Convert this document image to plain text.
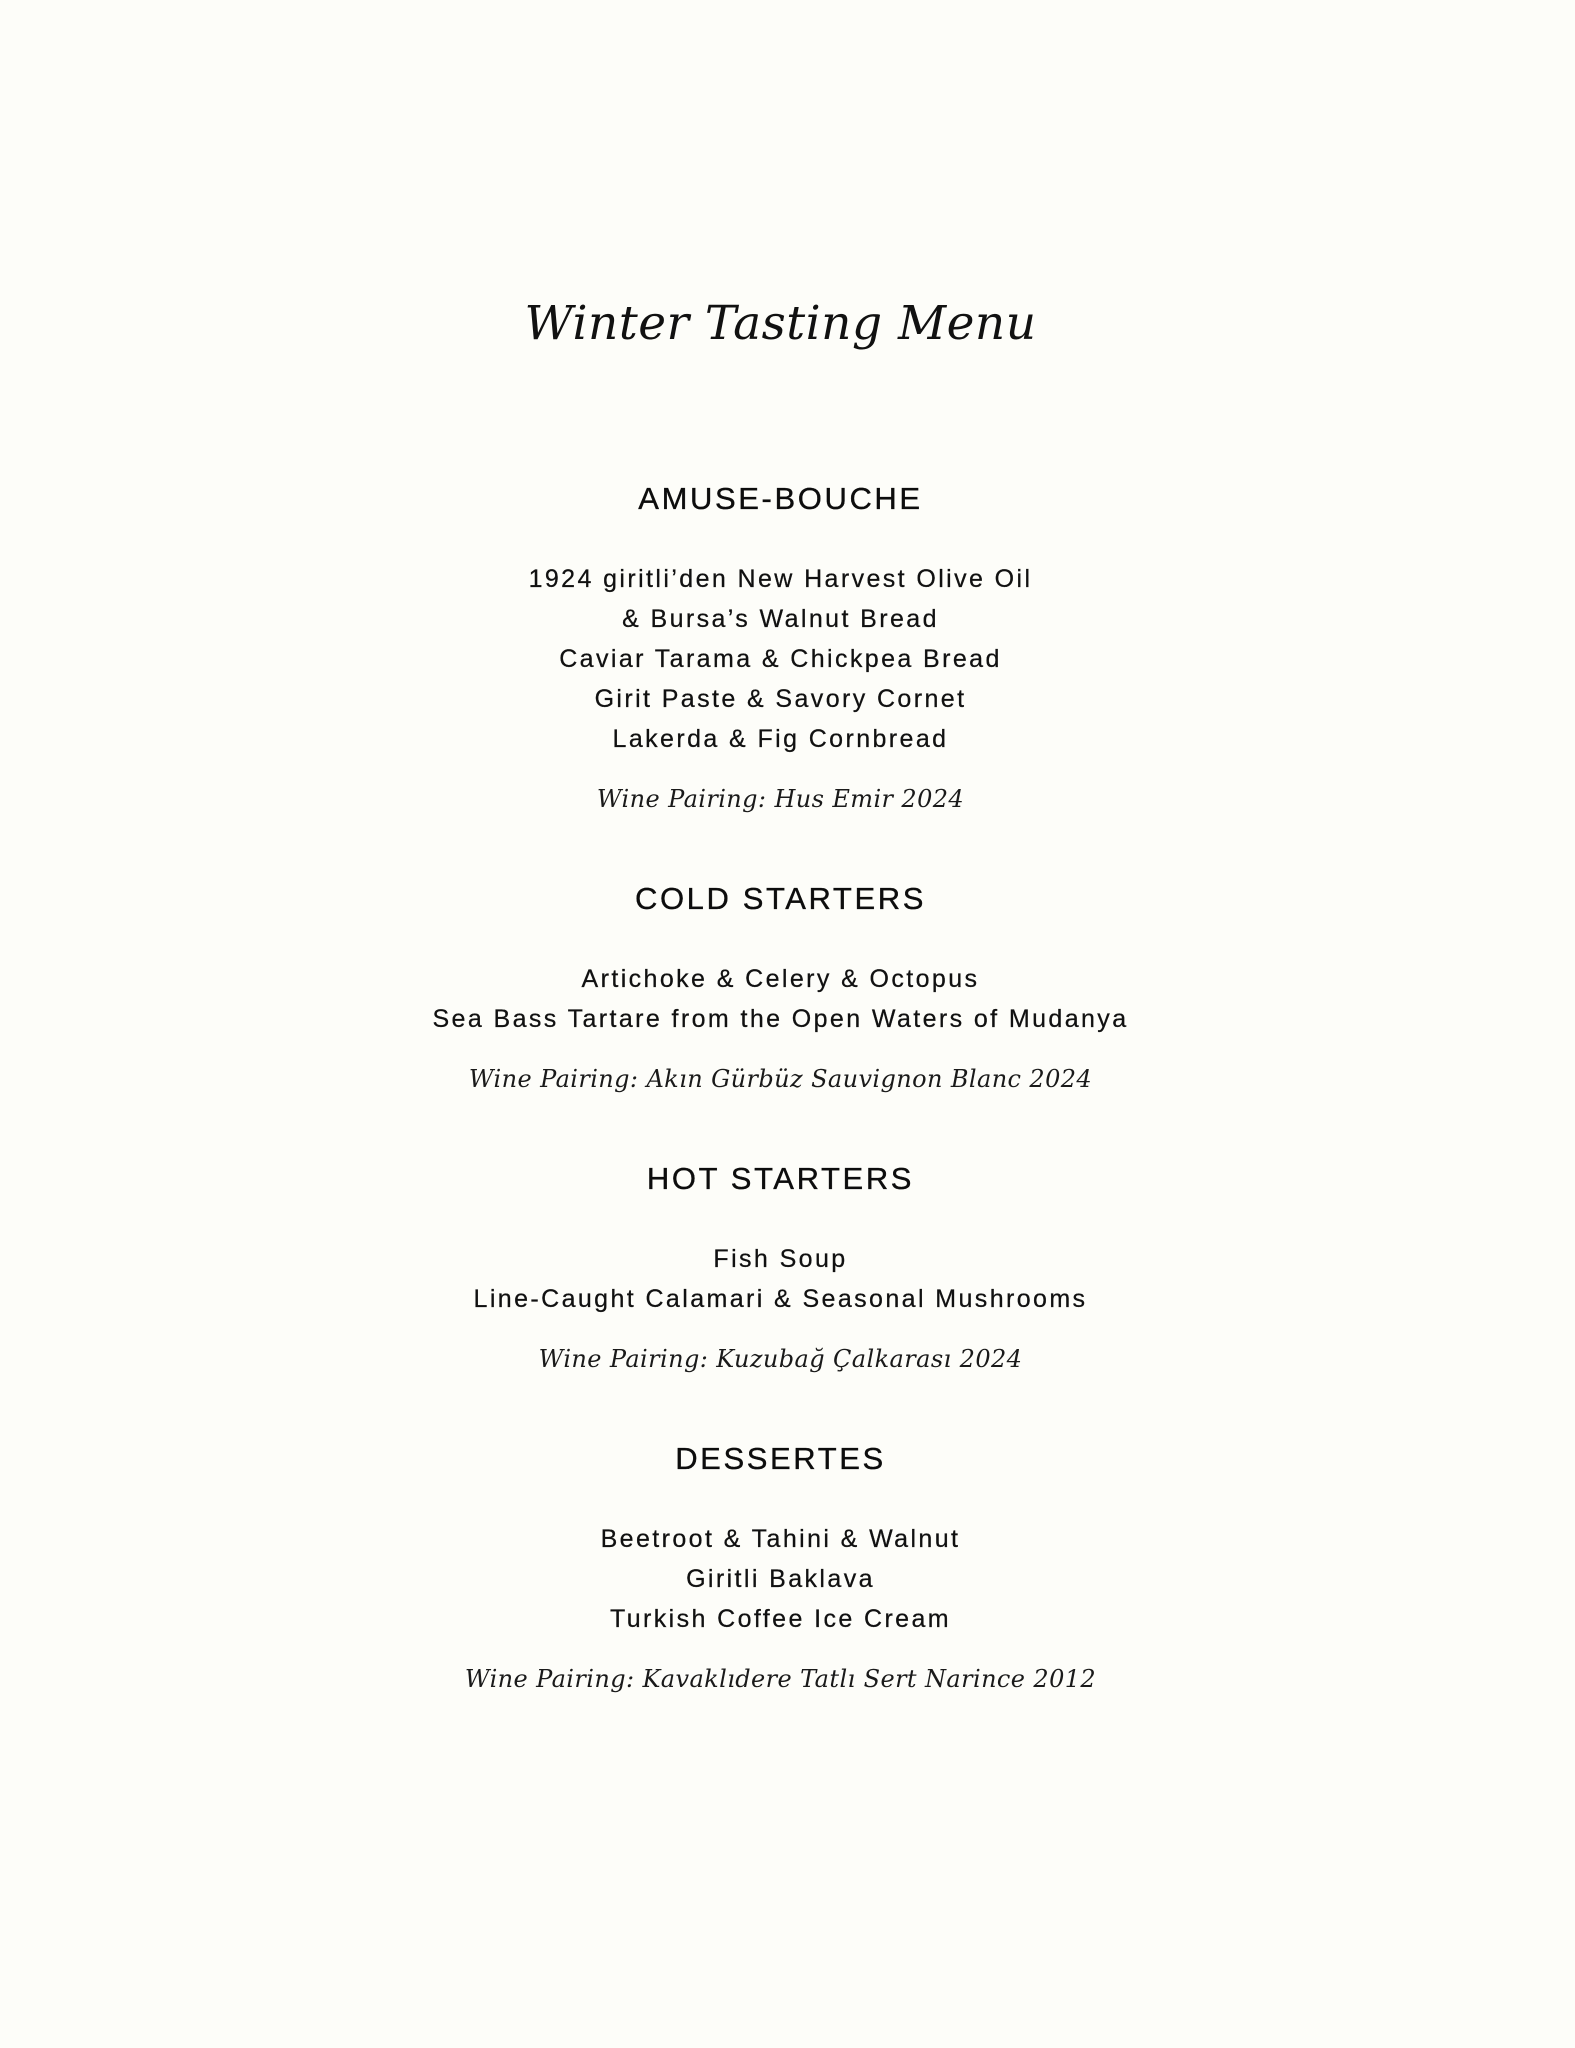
Winter Tasting Menu
AMUSE-BOUCHE
1924 giritli’den New Harvest Olive Oil
& Bursa’s Walnut Bread
Caviar Tarama & Chickpea Bread
Girit Paste & Savory Cornet
Lakerda & Fig Cornbread

Wine Pairing: Hus Emir 2024

COLD STARTERS
Artichoke & Celery & Octopus
Sea Bass Tartare from the Open Waters of Mudanya

Wine Pairing: Akın Gürbüz Sauvignon Blanc 2024

HOT STARTERS
Fish Soup
Line-Caught Calamari & Seasonal Mushrooms

Wine Pairing: Kuzubağ Çalkarası 2024

DESSERTES
Beetroot & Tahini & Walnut
Giritli Baklava
Turkish Coffee Ice Cream

Wine Pairing: Kavaklıdere Tatlı Sert Narince 2012
